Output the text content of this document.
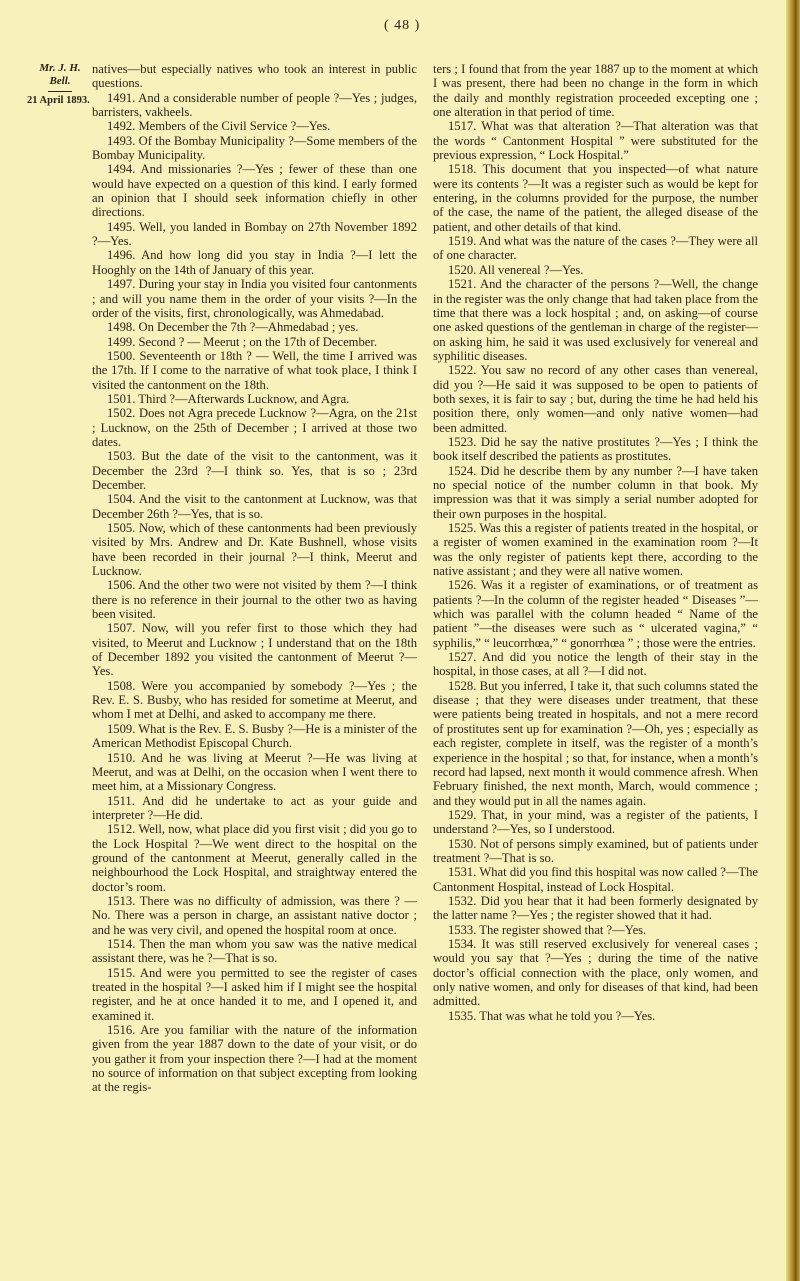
( 48 )
Mr. J. H.
Bell.
21 April 1893.

natives—but especially natives who took an interest in public questions.

1491. And a considerable number of people ?—Yes ; judges, barristers, vakheels.

1492. Members of the Civil Service ?—Yes.

1493. Of the Bombay Municipality ?—Some members of the Bombay Municipality.

1494. And missionaries ?—Yes ; fewer of these than one would have expected on a question of this kind. I early formed an opinion that I should seek information chiefly in other directions.

1495. Well, you landed in Bombay on 27th November 1892 ?—Yes.

1496. And how long did you stay in India ?—I lett the Hooghly on the 14th of January of this year.

1497. During your stay in India you visited four cantonments ; and will you name them in the order of your visits ?—In the order of the visits, first, chronologically, was Ahmedabad.

1498. On December the 7th ?—Ahmedabad ; yes.

1499. Second ? — Meerut ; on the 17th of December.

1500. Seventeenth or 18th ? — Well, the time I arrived was the 17th. If I come to the narrative of what took place, I think I visited the cantonment on the 18th.

1501. Third ?—Afterwards Lucknow, and Agra.

1502. Does not Agra precede Lucknow ?—Agra, on the 21st ; Lucknow, on the 25th of December ; I arrived at those two dates.

1503. But the date of the visit to the cantonment, was it December the 23rd ?—I think so. Yes, that is so ; 23rd December.

1504. And the visit to the cantonment at Lucknow, was that December 26th ?—Yes, that is so.

1505. Now, which of these cantonments had been previously visited by Mrs. Andrew and Dr. Kate Bushnell, whose visits have been recorded in their journal ?—I think, Meerut and Lucknow.

1506. And the other two were not visited by them ?—I think there is no reference in their journal to the other two as having been visited.

1507. Now, will you refer first to those which they had visited, to Meerut and Lucknow ; I understand that on the 18th of December 1892 you visited the cantonment of Meerut ?—Yes.

1508. Were you accompanied by somebody ?—Yes ; the Rev. E. S. Busby, who has resided for sometime at Meerut, and whom I met at Delhi, and asked to accompany me there.

1509. What is the Rev. E. S. Busby ?—He is a minister of the American Methodist Episcopal Church.

1510. And he was living at Meerut ?—He was living at Meerut, and was at Delhi, on the occasion when I went there to meet him, at a Missionary Congress.

1511. And did he undertake to act as your guide and interpreter ?—He did.

1512. Well, now, what place did you first visit ; did you go to the Lock Hospital ?—We went direct to the hospital on the ground of the cantonment at Meerut, generally called in the neighbourhood the Lock Hospital, and straightway entered the doctor’s room.

1513. There was no difficulty of admission, was there ? — No. There was a person in charge, an assistant native doctor ; and he was very civil, and opened the hospital room at once.

1514. Then the man whom you saw was the native medical assistant there, was he ?—That is so.

1515. And were you permitted to see the register of cases treated in the hospital ?—I asked him if I might see the hospital register, and he at once handed it to me, and I opened it, and examined it.

1516. Are you familiar with the nature of the information given from the year 1887 down to the date of your visit, or do you gather it from your inspection there ?—I had at the moment no source of information on that subject excepting from looking at the regis-

ters ; I found that from the year 1887 up to the moment at which I was present, there had been no change in the form in which the daily and monthly registration proceeded excepting one ; one alteration in that period of time.

1517. What was that alteration ?—That alteration was that the words “ Cantonment Hospital ” were substituted for the previous expression, “ Lock Hospital.”

1518. This document that you inspected—of what nature were its contents ?—It was a register such as would be kept for entering, in the columns provided for the purpose, the number of the case, the name of the patient, the alleged disease of the patient, and other details of that kind.

1519. And what was the nature of the cases ?—They were all of one character.

1520. All venereal ?—Yes.

1521. And the character of the persons ?—Well, the change in the register was the only change that had taken place from the time that there was a lock hospital ; and, on asking—of course one asked questions of the gentleman in charge of the register—on asking him, he said it was used exclusively for venereal and syphilitic diseases.

1522. You saw no record of any other cases than venereal, did you ?—He said it was supposed to be open to patients of both sexes, it is fair to say ; but, during the time he had held his position there, only women—and only native women—had been admitted.

1523. Did he say the native prostitutes ?—Yes ; I think the book itself described the patients as prostitutes.

1524. Did he describe them by any number ?—I have taken no special notice of the number column in that book. My impression was that it was simply a serial number adopted for their own purposes in the hospital.

1525. Was this a register of patients treated in the hospital, or a register of women examined in the examination room ?—It was the only register of patients kept there, according to the native assistant ; and they were all native women.

1526. Was it a register of examinations, or of treatment as patients ?—In the column of the register headed “ Diseases ”—which was parallel with the column headed “ Name of the patient ”—the diseases were such as “ ulcerated vagina,” “ syphilis,” “ leucorrhœa,” “ gonorrhœa ” ; those were the entries.

1527. And did you notice the length of their stay in the hospital, in those cases, at all ?—I did not.

1528. But you inferred, I take it, that such columns stated the disease ; that they were diseases under treatment, that these were patients being treated in hospitals, and not a mere record of prostitutes sent up for examination ?—Oh, yes ; especially as each register, complete in itself, was the register of a month’s experience in the hospital ; so that, for instance, when a month’s record had lapsed, next month it would commence afresh. When February finished, the next month, March, would commence ; and they would put in all the names again.

1529. That, in your mind, was a register of the patients, I understand ?—Yes, so I understood.

1530. Not of persons simply examined, but of patients under treatment ?—That is so.

1531. What did you find this hospital was now called ?—The Cantonment Hospital, instead of Lock Hospital.

1532. Did you hear that it had been formerly designated by the latter name ?—Yes ; the register showed that it had.

1533. The register showed that ?—Yes.

1534. It was still reserved exclusively for venereal cases ; would you say that ?—Yes ; during the time of the native doctor’s official connection with the place, only women, and only native women, and only for diseases of that kind, had been admitted.

1535. That was what he told you ?—Yes.
